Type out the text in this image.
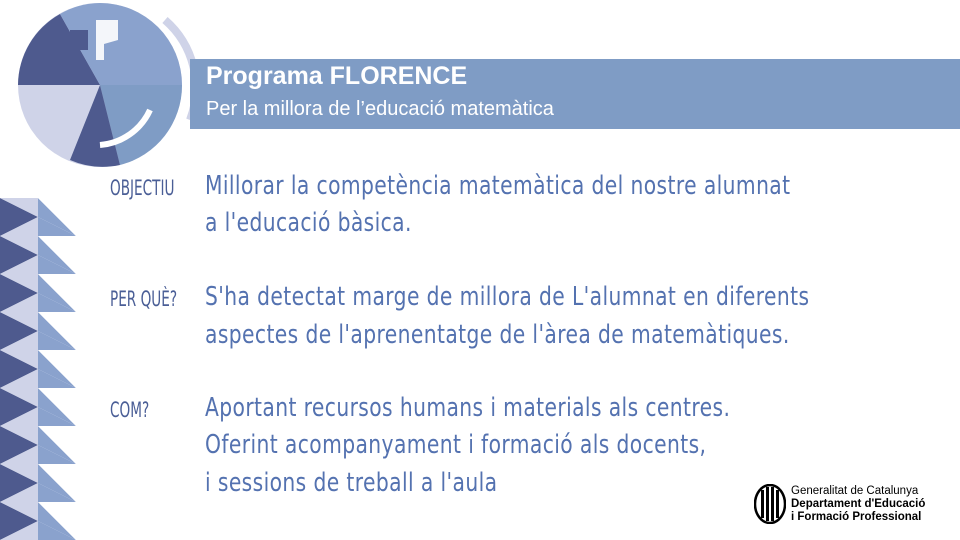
Programa FLORENCE
Per la millora de l’educació matemàtica
OBJECTIU Millorar la competència matemàtica del nostre alumnat
a l'educació bàsica.
PER QUÈ? S'ha detectat marge de millora de L'alumnat en diferents
aspectes de l'aprenentatge de l'àrea de matemàtiques.
COM? Aportant recursos humans i materials als centres.
Oferint acompanyament i formació als docents,
i sessions de treball a l'aula	Generalitat de Catalunya
Departament d'Educació
i Formació Professional
